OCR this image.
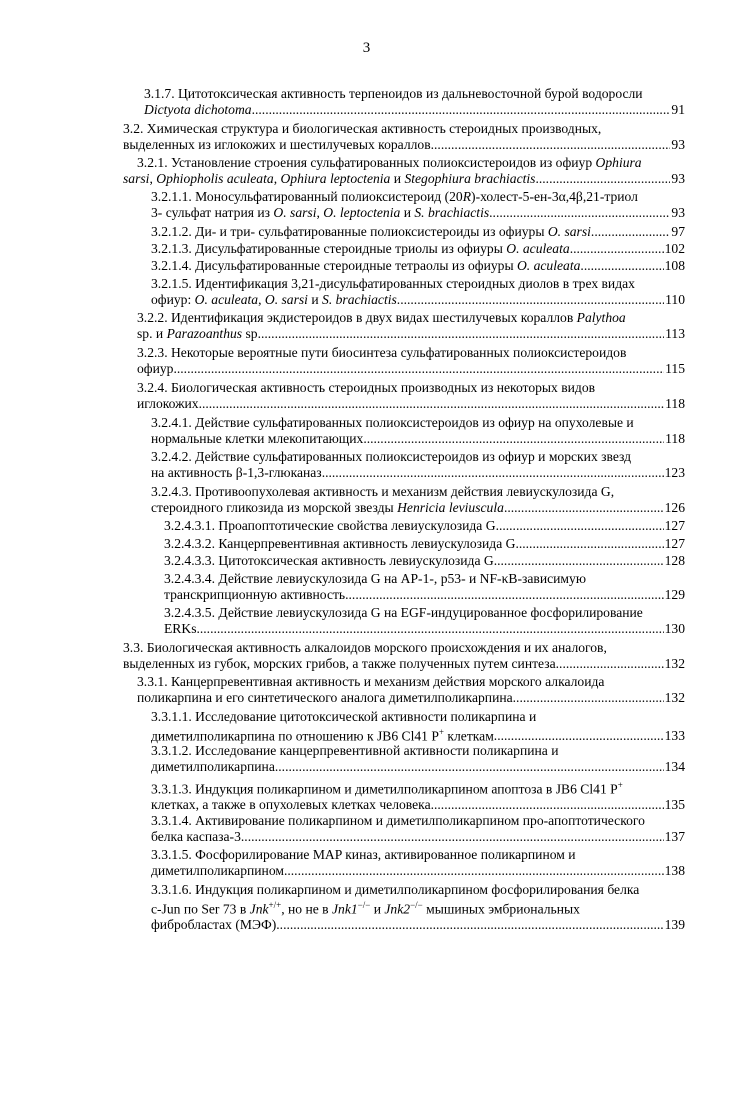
3
3.1.7. Цитотоксическая активность терпеноидов из дальневосточной бурой водоросли
Dictyota dichotoma .....	91
3.2. Химическая структура и биологическая активность стероидных производных,
выделенных из иглокожих и шестилучевых кораллов .....	93
3.2.1. Установление строения сульфатированных полиоксистероидов из офиур Ophiura
sarsi, Ophiopholis aculeata, Ophiura leptoctenia и Stegophiura brachiactis .....	93
3.2.1.1. Моносульфатированный полиоксистероид (20R)-холест-5-ен-3α,4β,21-триол
3- сульфат натрия из O. sarsi, O. leptoctenia и S. brachiactis .....	93
3.2.1.2. Ди- и три- сульфатированные полиоксистероиды из офиуры O. sarsi .....	97
3.2.1.3. Дисульфатированные стероидные триолы из офиуры O. aculeata .....	102
3.2.1.4. Дисульфатированные стероидные тетраолы из офиуры O. aculeata .....	108
3.2.1.5. Идентификация 3,21-дисульфатированных стероидных диолов в трех видах
офиур: O. aculeata, O. sarsi и S. brachiactis .....	110
3.2.2. Идентификация экдистероидов в двух видах шестилучевых кораллов Palythoa
sp. и Parazoanthus sp. .....	113
3.2.3. Некоторые вероятные пути биосинтеза сульфатированных полиоксистероидов
офиур .....	115
3.2.4. Биологическая активность стероидных производных из некоторых видов
иглокожих .....	118
3.2.4.1. Действие сульфатированных полиоксистероидов из офиур на опухолевые и
нормальные клетки млекопитающих .....	118
3.2.4.2. Действие сульфатированных полиоксистероидов из офиур и морских звезд
на активность β-1,3-глюканаз .....	123
3.2.4.3. Противоопухолевая активность и механизм действия левиускулозида G,
стероидного гликозида из морской звезды Henricia leviuscula .....	126
3.2.4.3.1. Проапоптотические свойства левиускулозида G .....	127
3.2.4.3.2. Канцерпревентивная активность левиускулозида G .....	127
3.2.4.3.3. Цитотоксическая активность левиускулозида G .....	128
3.2.4.3.4. Действие левиускулозида G на AP-1-, p53- и NF-κB-зависимую
транскрипционную активность .....	129
3.2.4.3.5. Действие левиускулозида G на EGF-индуцированное фосфорилирование
ERKs .....	130
3.3. Биологическая активность алкалоидов морского происхождения и их аналогов,
выделенных из губок, морских грибов, а также полученных путем синтеза .....	132
3.3.1. Канцерпревентивная активность и механизм действия морского алкалоида
поликарпина и его синтетического аналога диметилполикарпина .....	132
3.3.1.1. Исследование цитотоксической активности поликарпина и
диметилполикарпина по отношению к JB6 Cl41 P+ клеткам .....	133
3.3.1.2. Исследование канцерпревентивной активности поликарпина и
диметилполикарпина .....	134
3.3.1.3. Индукция поликарпином и диметилполикарпином апоптоза в JB6 Cl41 P+
клетках, а также в опухолевых клетках человека .....	135
3.3.1.4. Активирование поликарпином и диметилполикарпином про-апоптотического
белка каспаза-3 .....	137
3.3.1.5. Фосфорилирование MAP киназ, активированное поликарпином и
диметилполикарпином .....	138
3.3.1.6. Индукция поликарпином и диметилполикарпином фосфорилирования белка
c-Jun по Ser 73 в Jnk+/+, но не в Jnk1−/− и Jnk2−/− мышиных эмбриональных
фибробластах (МЭФ) .....	139
